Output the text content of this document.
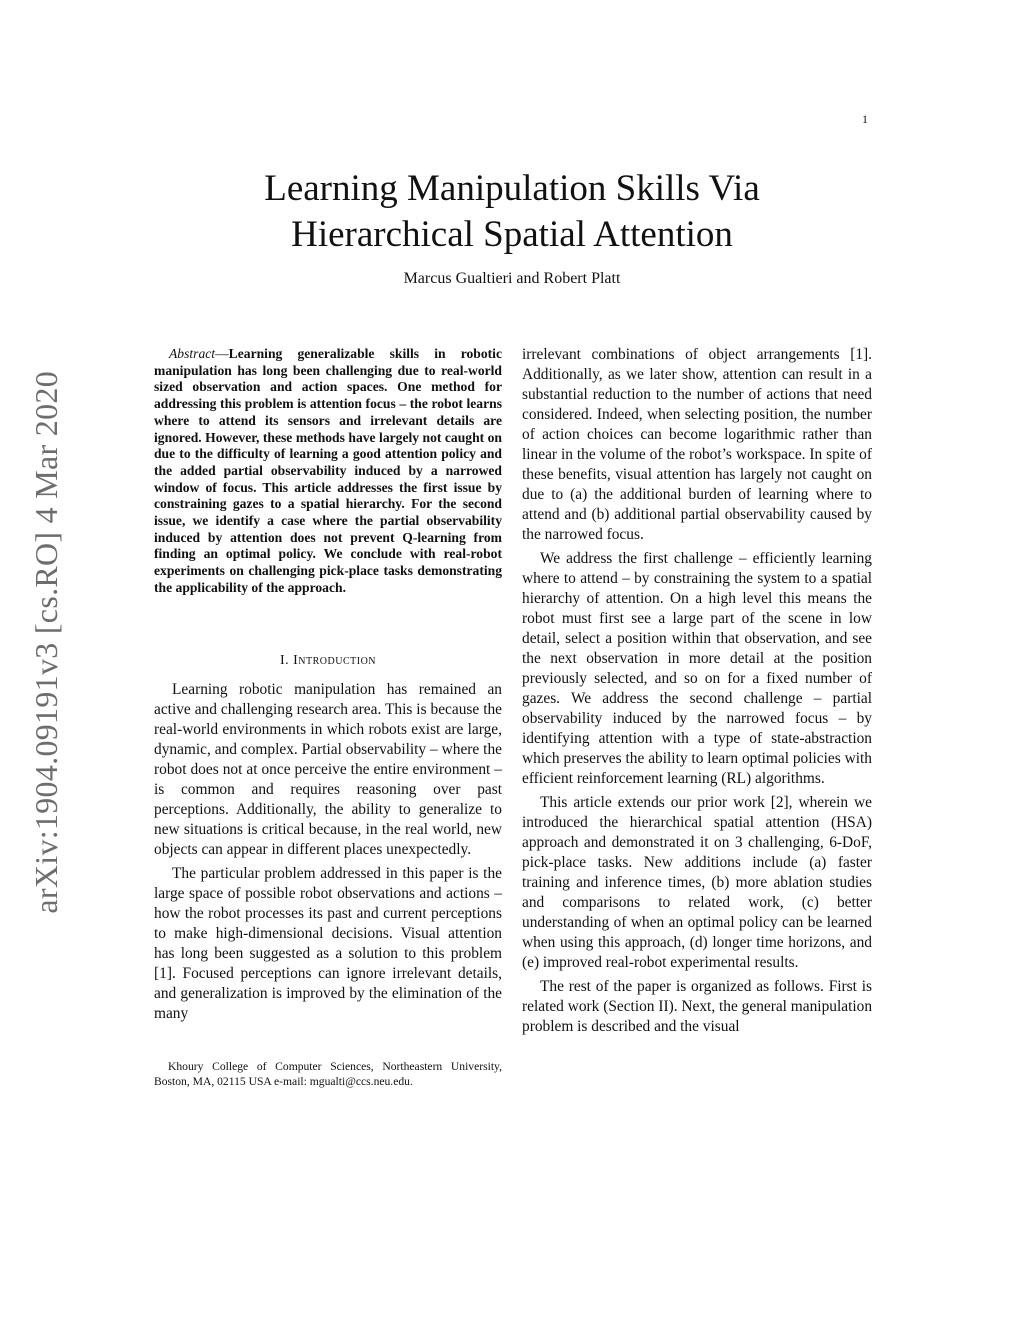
1
Learning Manipulation Skills Via
Hierarchical Spatial Attention
Marcus Gualtieri and Robert Platt
arXiv:1904.09191v3 [cs.RO] 4 Mar 2020

Abstract—Learning generalizable skills in robotic manipulation has long been challenging due to real-world sized observation and action spaces. One method for addressing this problem is attention focus – the robot learns where to attend its sensors and irrelevant details are ignored. However, these methods have largely not caught on due to the difficulty of learning a good attention policy and the added partial observability induced by a narrowed window of focus. This article addresses the first issue by constraining gazes to a spatial hierarchy. For the second issue, we identify a case where the partial observability induced by attention does not prevent Q-learning from finding an optimal policy. We conclude with real-robot experiments on challenging pick-place tasks demonstrating the applicability of the approach.

I. Introduction

Learning robotic manipulation has remained an active and challenging research area. This is because the real-world environments in which robots exist are large, dynamic, and complex. Partial observability – where the robot does not at once perceive the entire environment – is common and requires reasoning over past perceptions. Additionally, the ability to generalize to new situations is critical because, in the real world, new objects can appear in different places unexpectedly.

The particular problem addressed in this paper is the large space of possible robot observations and actions – how the robot processes its past and current perceptions to make high-dimensional decisions. Visual attention has long been suggested as a solution to this problem [1]. Focused perceptions can ignore irrelevant details, and generalization is improved by the elimination of the many

irrelevant combinations of object arrangements [1]. Additionally, as we later show, attention can result in a substantial reduction to the number of actions that need considered. Indeed, when selecting position, the number of action choices can become logarithmic rather than linear in the volume of the robot’s workspace. In spite of these benefits, visual attention has largely not caught on due to (a) the additional burden of learning where to attend and (b) additional partial observability caused by the narrowed focus.

We address the first challenge – efficiently learning where to attend – by constraining the system to a spatial hierarchy of attention. On a high level this means the robot must first see a large part of the scene in low detail, select a position within that observation, and see the next observation in more detail at the position previously selected, and so on for a fixed number of gazes. We address the second challenge – partial observability induced by the narrowed focus – by identifying attention with a type of state-abstraction which preserves the ability to learn optimal policies with efficient reinforcement learning (RL) algorithms.

This article extends our prior work [2], wherein we introduced the hierarchical spatial attention (HSA) approach and demonstrated it on 3 challenging, 6-DoF, pick-place tasks. New additions include (a) faster training and inference times, (b) more ablation studies and comparisons to related work, (c) better understanding of when an optimal policy can be learned when using this approach, (d) longer time horizons, and (e) improved real-robot experimental results.

The rest of the paper is organized as follows. First is related work (Section II). Next, the general manipulation problem is described and the visual

Khoury College of Computer Sciences, Northeastern University, Boston, MA, 02115 USA e-mail: mgualti@ccs.neu.edu.
